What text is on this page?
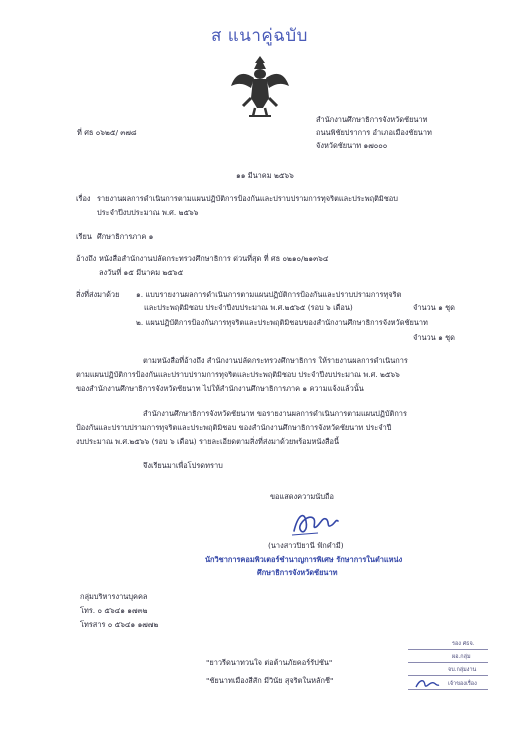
ส แนาคู่ฉบับ
ที่ ศธ ๐๖๒๕/ ๓๗๘
สำนักงานศึกษาธิการจังหวัดชัยนาท
ถนนพิชัยปราการ อำเภอเมืองชัยนาท
จังหวัดชัยนาท ๑๗๐๐๐
๑๑ มีนาคม ๒๕๖๖
เรื่อง รายงานผลการดำเนินการตามแผนปฏิบัติการป้องกันและปราบปรามการทุจริตและประพฤติมิชอบ
ประจำปีงบประมาณ พ.ศ. ๒๕๖๖
เรียน ศึกษาธิการภาค ๑
อ้างถึง หนังสือสำนักงานปลัดกระทรวงศึกษาธิการ ด่วนที่สุด ที่ ศธ ๐๒๑๐/๒๑๓๖๔
ลงวันที่ ๑๕ มีนาคม ๒๕๖๕
สิ่งที่ส่งมาด้วย ๑. แบบรายงานผลการดำเนินการตามแผนปฏิบัติการป้องกันและปราบปรามการทุจริต
และประพฤติมิชอบ ประจำปีงบประมาณ พ.ศ.๒๕๖๕ (รอบ ๖ เดือน)	จำนวน ๑ ชุด
๒. แผนปฏิบัติการป้องกันการทุจริตและประพฤติมิชอบของสำนักงานศึกษาธิการจังหวัดชัยนาท
จำนวน ๑ ชุด
ตามหนังสือที่อ้างถึง สำนักงานปลัดกระทรวงศึกษาธิการ ให้รายงานผลการดำเนินการ
ตามแผนปฏิบัติการป้องกันและปราบปรามการทุจริตและประพฤติมิชอบ ประจำปีงบประมาณ พ.ศ. ๒๕๖๖
ของสำนักงานศึกษาธิการจังหวัดชัยนาท ไปให้สำนักงานศึกษาธิการภาค ๑ ความแจ้งแล้วนั้น
สำนักงานศึกษาธิการจังหวัดชัยนาท ขอรายงานผลการดำเนินการตามแผนปฏิบัติการ
ป้องกันและปราบปรามการทุจริตและประพฤติมิชอบ ของสำนักงานศึกษาธิการจังหวัดชัยนาท ประจำปี
งบประมาณ พ.ศ.๒๕๖๖ (รอบ ๖ เดือน) รายละเอียดตามสิ่งที่ส่งมาด้วยพร้อมหนังสือนี้
จึงเรียนมาเพื่อโปรดทราบ
ขอแสดงความนับถือ
(นางสาวปิยานี ฟักคำมี)
นักวิชาการคอมพิวเตอร์ชำนาญการพิเศษ รักษาการในตำแหน่ง
ศึกษาธิการจังหวัดชัยนาท
กลุ่มบริหารงานบุคคล
โทร. ๐ ๕๖๔๑ ๑๗๓๒
โทรสาร ๐ ๕๖๔๑ ๑๗๗๒
"ยาวรีดนาทวนใจ ต่อต้านภัยคอร์รัปชัน"
"ชัยนาทเมืองสีสัก มีวินัย สุจริตในหลักชี"
รอง ศธจ.
ผอ.กลุ่ม
จบ.กลุ่มงาน
เจ้าของเรื่อง
